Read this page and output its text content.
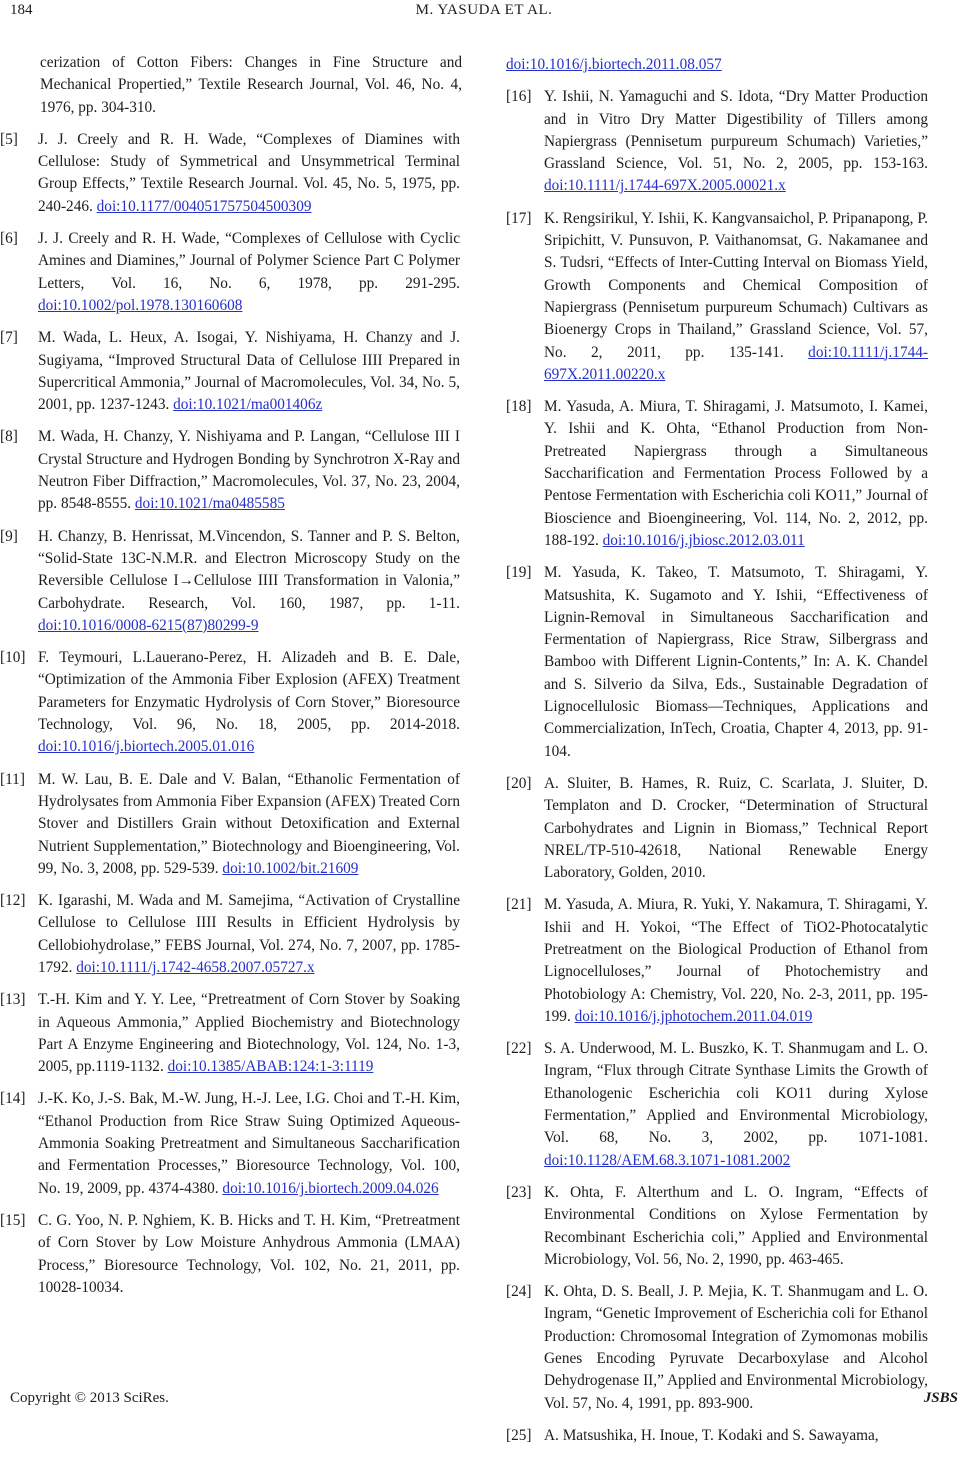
184	M. YASUDA ET AL.
cerization of Cotton Fibers: Changes in Fine Structure and Mechanical Propertied,” Textile Research Journal, Vol. 46, No. 4, 1976, pp. 304-310.
[5] J. J. Creely and R. H. Wade, “Complexes of Diamines with Cellulose: Study of Symmetrical and Unsymmetrical Terminal Group Effects,” Textile Research Journal. Vol. 45, No. 5, 1975, pp. 240-246. doi:10.1177/004051757504500309
[6] J. J. Creely and R. H. Wade, “Complexes of Cellulose with Cyclic Amines and Diamines,” Journal of Polymer Science Part C Polymer Letters, Vol. 16, No. 6, 1978, pp. 291-295. doi:10.1002/pol.1978.130160608
[7] M. Wada, L. Heux, A. Isogai, Y. Nishiyama, H. Chanzy and J. Sugiyama, “Improved Structural Data of Cellulose IIII Prepared in Supercritical Ammonia,” Journal of Macromolecules, Vol. 34, No. 5, 2001, pp. 1237-1243. doi:10.1021/ma001406z
[8] M. Wada, H. Chanzy, Y. Nishiyama and P. Langan, “Cellulose III I Crystal Structure and Hydrogen Bonding by Synchrotron X-Ray and Neutron Fiber Diffraction,” Macromolecules, Vol. 37, No. 23, 2004, pp. 8548-8555. doi:10.1021/ma0485585
[9] H. Chanzy, B. Henrissat, M.Vincendon, S. Tanner and P. S. Belton, “Solid-State 13C-N.M.R. and Electron Microscopy Study on the Reversible Cellulose I→Cellulose IIII Transformation in Valonia,” Carbohydrate. Research, Vol. 160, 1987, pp. 1-11. doi:10.1016/0008-6215(87)80299-9
[10] F. Teymouri, L.Lauerano-Perez, H. Alizadeh and B. E. Dale, “Optimization of the Ammonia Fiber Explosion (AFEX) Treatment Parameters for Enzymatic Hydrolysis of Corn Stover,” Bioresource Technology, Vol. 96, No. 18, 2005, pp. 2014-2018. doi:10.1016/j.biortech.2005.01.016
[11] M. W. Lau, B. E. Dale and V. Balan, “Ethanolic Fermentation of Hydrolysates from Ammonia Fiber Expansion (AFEX) Treated Corn Stover and Distillers Grain without Detoxification and External Nutrient Supplementation,” Biotechnology and Bioengineering, Vol. 99, No. 3, 2008, pp. 529-539. doi:10.1002/bit.21609
[12] K. Igarashi, M. Wada and M. Samejima, “Activation of Crystalline Cellulose to Cellulose IIII Results in Efficient Hydrolysis by Cellobiohydrolase,” FEBS Journal, Vol. 274, No. 7, 2007, pp. 1785-1792. doi:10.1111/j.1742-4658.2007.05727.x
[13] T.-H. Kim and Y. Y. Lee, “Pretreatment of Corn Stover by Soaking in Aqueous Ammonia,” Applied Biochemistry and Biotechnology Part A Enzyme Engineering and Biotechnology, Vol. 124, No. 1-3, 2005, pp.1119-1132. doi:10.1385/ABAB:124:1-3:1119
[14] J.-K. Ko, J.-S. Bak, M.-W. Jung, H.-J. Lee, I.G. Choi and T.-H. Kim, “Ethanol Production from Rice Straw Suing Optimized Aqueous-Ammonia Soaking Pretreatment and Simultaneous Saccharification and Fermentation Processes,” Bioresource Technology, Vol. 100, No. 19, 2009, pp. 4374-4380. doi:10.1016/j.biortech.2009.04.026
[15] C. G. Yoo, N. P. Nghiem, K. B. Hicks and T. H. Kim, “Pretreatment of Corn Stover by Low Moisture Anhydrous Ammonia (LMAA) Process,” Bioresource Technology, Vol. 102, No. 21, 2011, pp. 10028-10034.
doi:10.1016/j.biortech.2011.08.057
[16] Y. Ishii, N. Yamaguchi and S. Idota, “Dry Matter Production and in Vitro Dry Matter Digestibility of Tillers among Napiergrass (Pennisetum purpureum Schumach) Varieties,” Grassland Science, Vol. 51, No. 2, 2005, pp. 153-163. doi:10.1111/j.1744-697X.2005.00021.x
[17] K. Rengsirikul, Y. Ishii, K. Kangvansaichol, P. Pripanapong, P. Sripichitt, V. Punsuvon, P. Vaithanomsat, G. Nakamanee and S. Tudsri, “Effects of Inter-Cutting Interval on Biomass Yield, Growth Components and Chemical Composition of Napiergrass (Pennisetum purpureum Schumach) Cultivars as Bioenergy Crops in Thailand,” Grassland Science, Vol. 57, No. 2, 2011, pp. 135-141. doi:10.1111/j.1744-697X.2011.00220.x
[18] M. Yasuda, A. Miura, T. Shiragami, J. Matsumoto, I. Kamei, Y. Ishii and K. Ohta, “Ethanol Production from Non-Pretreated Napiergrass through a Simultaneous Saccharification and Fermentation Process Followed by a Pentose Fermentation with Escherichia coli KO11,” Journal of Bioscience and Bioengineering, Vol. 114, No. 2, 2012, pp. 188-192. doi:10.1016/j.jbiosc.2012.03.011
[19] M. Yasuda, K. Takeo, T. Matsumoto, T. Shiragami, Y. Matsushita, K. Sugamoto and Y. Ishii, “Effectiveness of Lignin-Removal in Simultaneous Saccharification and Fermentation of Napiergrass, Rice Straw, Silbergrass and Bamboo with Different Lignin-Contents,” In: A. K. Chandel and S. Silverio da Silva, Eds., Sustainable Degradation of Lignocellulosic Biomass—Techniques, Applications and Commercialization, InTech, Croatia, Chapter 4, 2013, pp. 91-104.
[20] A. Sluiter, B. Hames, R. Ruiz, C. Scarlata, J. Sluiter, D. Templaton and D. Crocker, “Determination of Structural Carbohydrates and Lignin in Biomass,” Technical Report NREL/TP-510-42618, National Renewable Energy Laboratory, Golden, 2010.
[21] M. Yasuda, A. Miura, R. Yuki, Y. Nakamura, T. Shiragami, Y. Ishii and H. Yokoi, “The Effect of TiO2-Photocatalytic Pretreatment on the Biological Production of Ethanol from Lignocelluloses,” Journal of Photochemistry and Photobiology A: Chemistry, Vol. 220, No. 2-3, 2011, pp. 195-199. doi:10.1016/j.jphotochem.2011.04.019
[22] S. A. Underwood, M. L. Buszko, K. T. Shanmugam and L. O. Ingram, “Flux through Citrate Synthase Limits the Growth of Ethanologenic Escherichia coli KO11 during Xylose Fermentation,” Applied and Environmental Microbiology, Vol. 68, No. 3, 2002, pp. 1071-1081. doi:10.1128/AEM.68.3.1071-1081.2002
[23] K. Ohta, F. Alterthum and L. O. Ingram, “Effects of Environmental Conditions on Xylose Fermentation by Recombinant Escherichia coli,” Applied and Environmental Microbiology, Vol. 56, No. 2, 1990, pp. 463-465.
[24] K. Ohta, D. S. Beall, J. P. Mejia, K. T. Shanmugam and L. O. Ingram, “Genetic Improvement of Escherichia coli for Ethanol Production: Chromosomal Integration of Zymomonas mobilis Genes Encoding Pyruvate Decarboxylase and Alcohol Dehydrogenase II,” Applied and Environmental Microbiology, Vol. 57, No. 4, 1991, pp. 893-900.
[25] A. Matsushika, H. Inoue, T. Kodaki and S. Sawayama,
Copyright © 2013 SciRes.	JSBS
